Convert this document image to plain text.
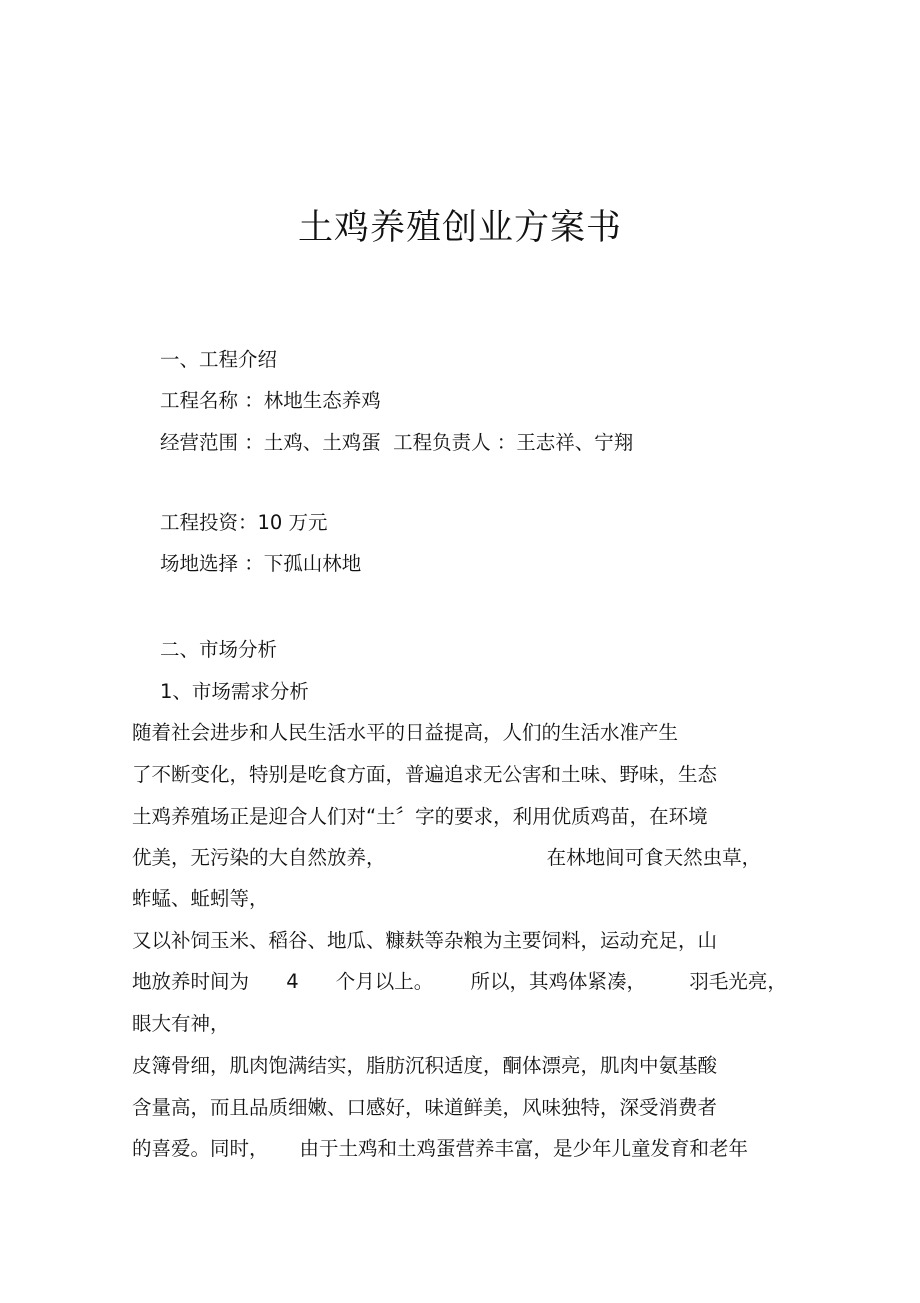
土鸡养殖创业方案书
一、工程介绍
工程名称 ：林地生态养鸡
经营范围 ：土鸡、土鸡蛋  工程负责人 ：王志祥、宁翔
工程投资：10 万元
场地选择 ：下孤山林地
二、市场分析
1、市场需求分析
随着社会进步和人民生活水平的日益提高，人们的生活水准产生
了不断变化，特别是吃食方面，普遍追求无公害和土味、野味，生态
土鸡养殖场正是迎合人们对“土〞字的要求，利用优质鸡苗，在环境
优美，无污染的大自然放养，                          在林地间可食天然虫草，
蚱蜢、蚯蚓等，
又以补饲玉米、稻谷、地瓜、糠麸等杂粮为主要饲料，运动充足，山
地放养时间为      4      个月以上。      所以，其鸡体紧凑，       羽毛光亮，
眼大有神，
皮簿骨细，肌肉饱满结实，脂肪沉积适度，酮体漂亮，肌肉中氨基酸
含量高，而且品质细嫩、口感好，味道鲜美，风味独特，深受消费者
的喜爱。同时，     由于土鸡和土鸡蛋营养丰富，是少年儿童发育和老年
